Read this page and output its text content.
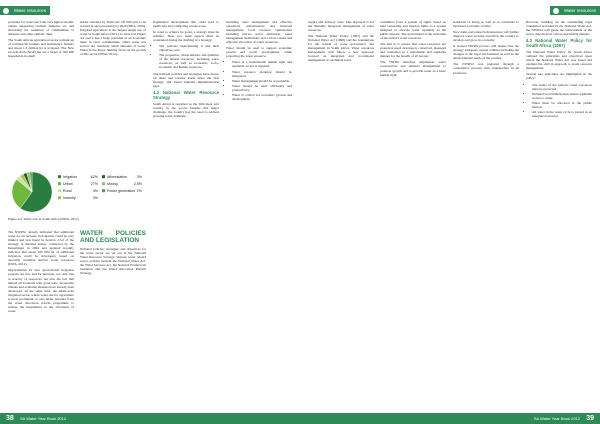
Water resources

provided for water use from very high economic values, supporting tourism, fisheries, etc. and increasing the resilience of communities to disasters and other climatic risks.

The South African agricultural sector is made up of commercial farmers and subsistence farmers and about 1.3 million ha is irrigated. The New Growth Path (NGP) has set a target of 300 000 households in small

holder schemes by 2020 and 145 000 jobs to be created in agroprocessing by 2020 (DEA, 2010). Irrigated agriculture is the largest single use of water in South Africa (62%) as shown in Figure 4.2 and it has a huge potential as an economic input in rural communities. Other water use sectors are relatively small amounts of water. Water is the major limiting factor in the growth of this sector (DWA, 2012).

Irrigation	62%
Urban	27%
Rural	4%
Industry	3%
Afforestation	3%
Mining	2.5%
Power generation 2%
Figure 4.2: Water Use in South Africa (DWA, 2012)

The NWRS1 already indicated that additional water for an increase in irrigation could be very limited and was listed in Section 2.5.2 of the strategy. A detailed survey conducted by the Department in 2004 and updated recently indicates that about 185 000 ha of additional irrigation could be developed, based on currently available surface water resources (DWA, 2012).

Opportunities for new 'green-fields' irrigation projects are few and far between, not only due to scarcity of resources, but also the fact that almost all locations with good soils, favourable climate and available markets have already been developed. At the same time, the small-scale irrigation sector, where water use for agriculture is most prominent, is also under pressure from the water allocation reform programme to redress the inequalities in the allocation of water.

WATER POLICIES AND LEGISLATION

National policies, strategies and objectives for the water sector are set out in the National Water Resource Strategy. Various water related sector policies include the National Water Act, the Water Services Act, the National Framework Guidance and the Water Allocation Reform Strategy.

fragmented development that could lead to inefficient and conflicting resource use.

In order to achieve its goals, a strategy must be realistic. Thus, two main aspects must be considered during the drafting of a strategy:

• The policies underpinning it and their objectives; and
• The properties, characteristics and qualities of the natural resources, including water resources, as well as economic, socio-economic and human resources.

The national policies and strategies have drawn on these and lessons learnt since the first strategy and found inherent implementation gaps.

4.2 National Water Resource Strategy

South Africa is regarded as the 30th most arid country in the world. Despite this major challenge, the country has the need to address growing water demands.

including asset management and effective operations, infrastructure and financial management, local resource optimisation including private sector utilisation, water management institutions and a more robust and effective allocation of water resources.

Water should be used to support economic growth and social development, while protecting the water resource.

• Water is a fundamental human right and equitable access is required.
• Water resource planning should be integrated.
• Water management should be accountable.
• Water should be used efficiently and productively.
• Water is critical for economic growth and development.
38 SA Water Year Book 2012
Water resources

supply and delivery costs. This approach is for the mutually integrated management of water resources.

The National Water Policy (1997) and the National Water Act (1998) laid the foundations for the reform of water governance and management in South Africa. Water resources management will follow a new approach focused on integrated and coordinated management at catchment level.

committed from a system of rights based on land ownership and riparian rights to a system designed to allocate water equitably in the public interest. The government is the custodian of the nation's water resources.

The aim is to ensure that water resources are protected, used, developed, conserved, managed and controlled in a sustainable and equitable manner for the benefit of all people.

The NWRS therefore emphasises water conservation and demand management to promote growth and to provide water as a basic human right.

standards of living as well as to contribute to increased economic activity.

New dams and related infrastructure will further improve water security and allow the country to develop and grow its economy.

A revised NWRS process will ensure that the strategy addresses current realities including the changes in the legal environment as well as the developmental needs of the country.

The NWRS2 was prepared through a consultative process with stakeholders in all provinces.

However, building on the outstanding legal foundation provided by the National Water Act, the NWRS2 will guide the achievement of the sector objectives in a more sustainable manner.

4.3 National Water Policy for South Africa (1997)

The National Water Policy for South Africa outlined the principles and objectives upon which the National Water Act was based and explains the shift in approach to water resource management.

Several key principles are highlighted in the policy:

• The status of the nation's water resources must be protected.
• National Government must ensure equitable access to water.
• Water must be allocated in the public interest.
• All water in the water cycle is treated as an integrated resource.
SA Water Year Book 2012 39
